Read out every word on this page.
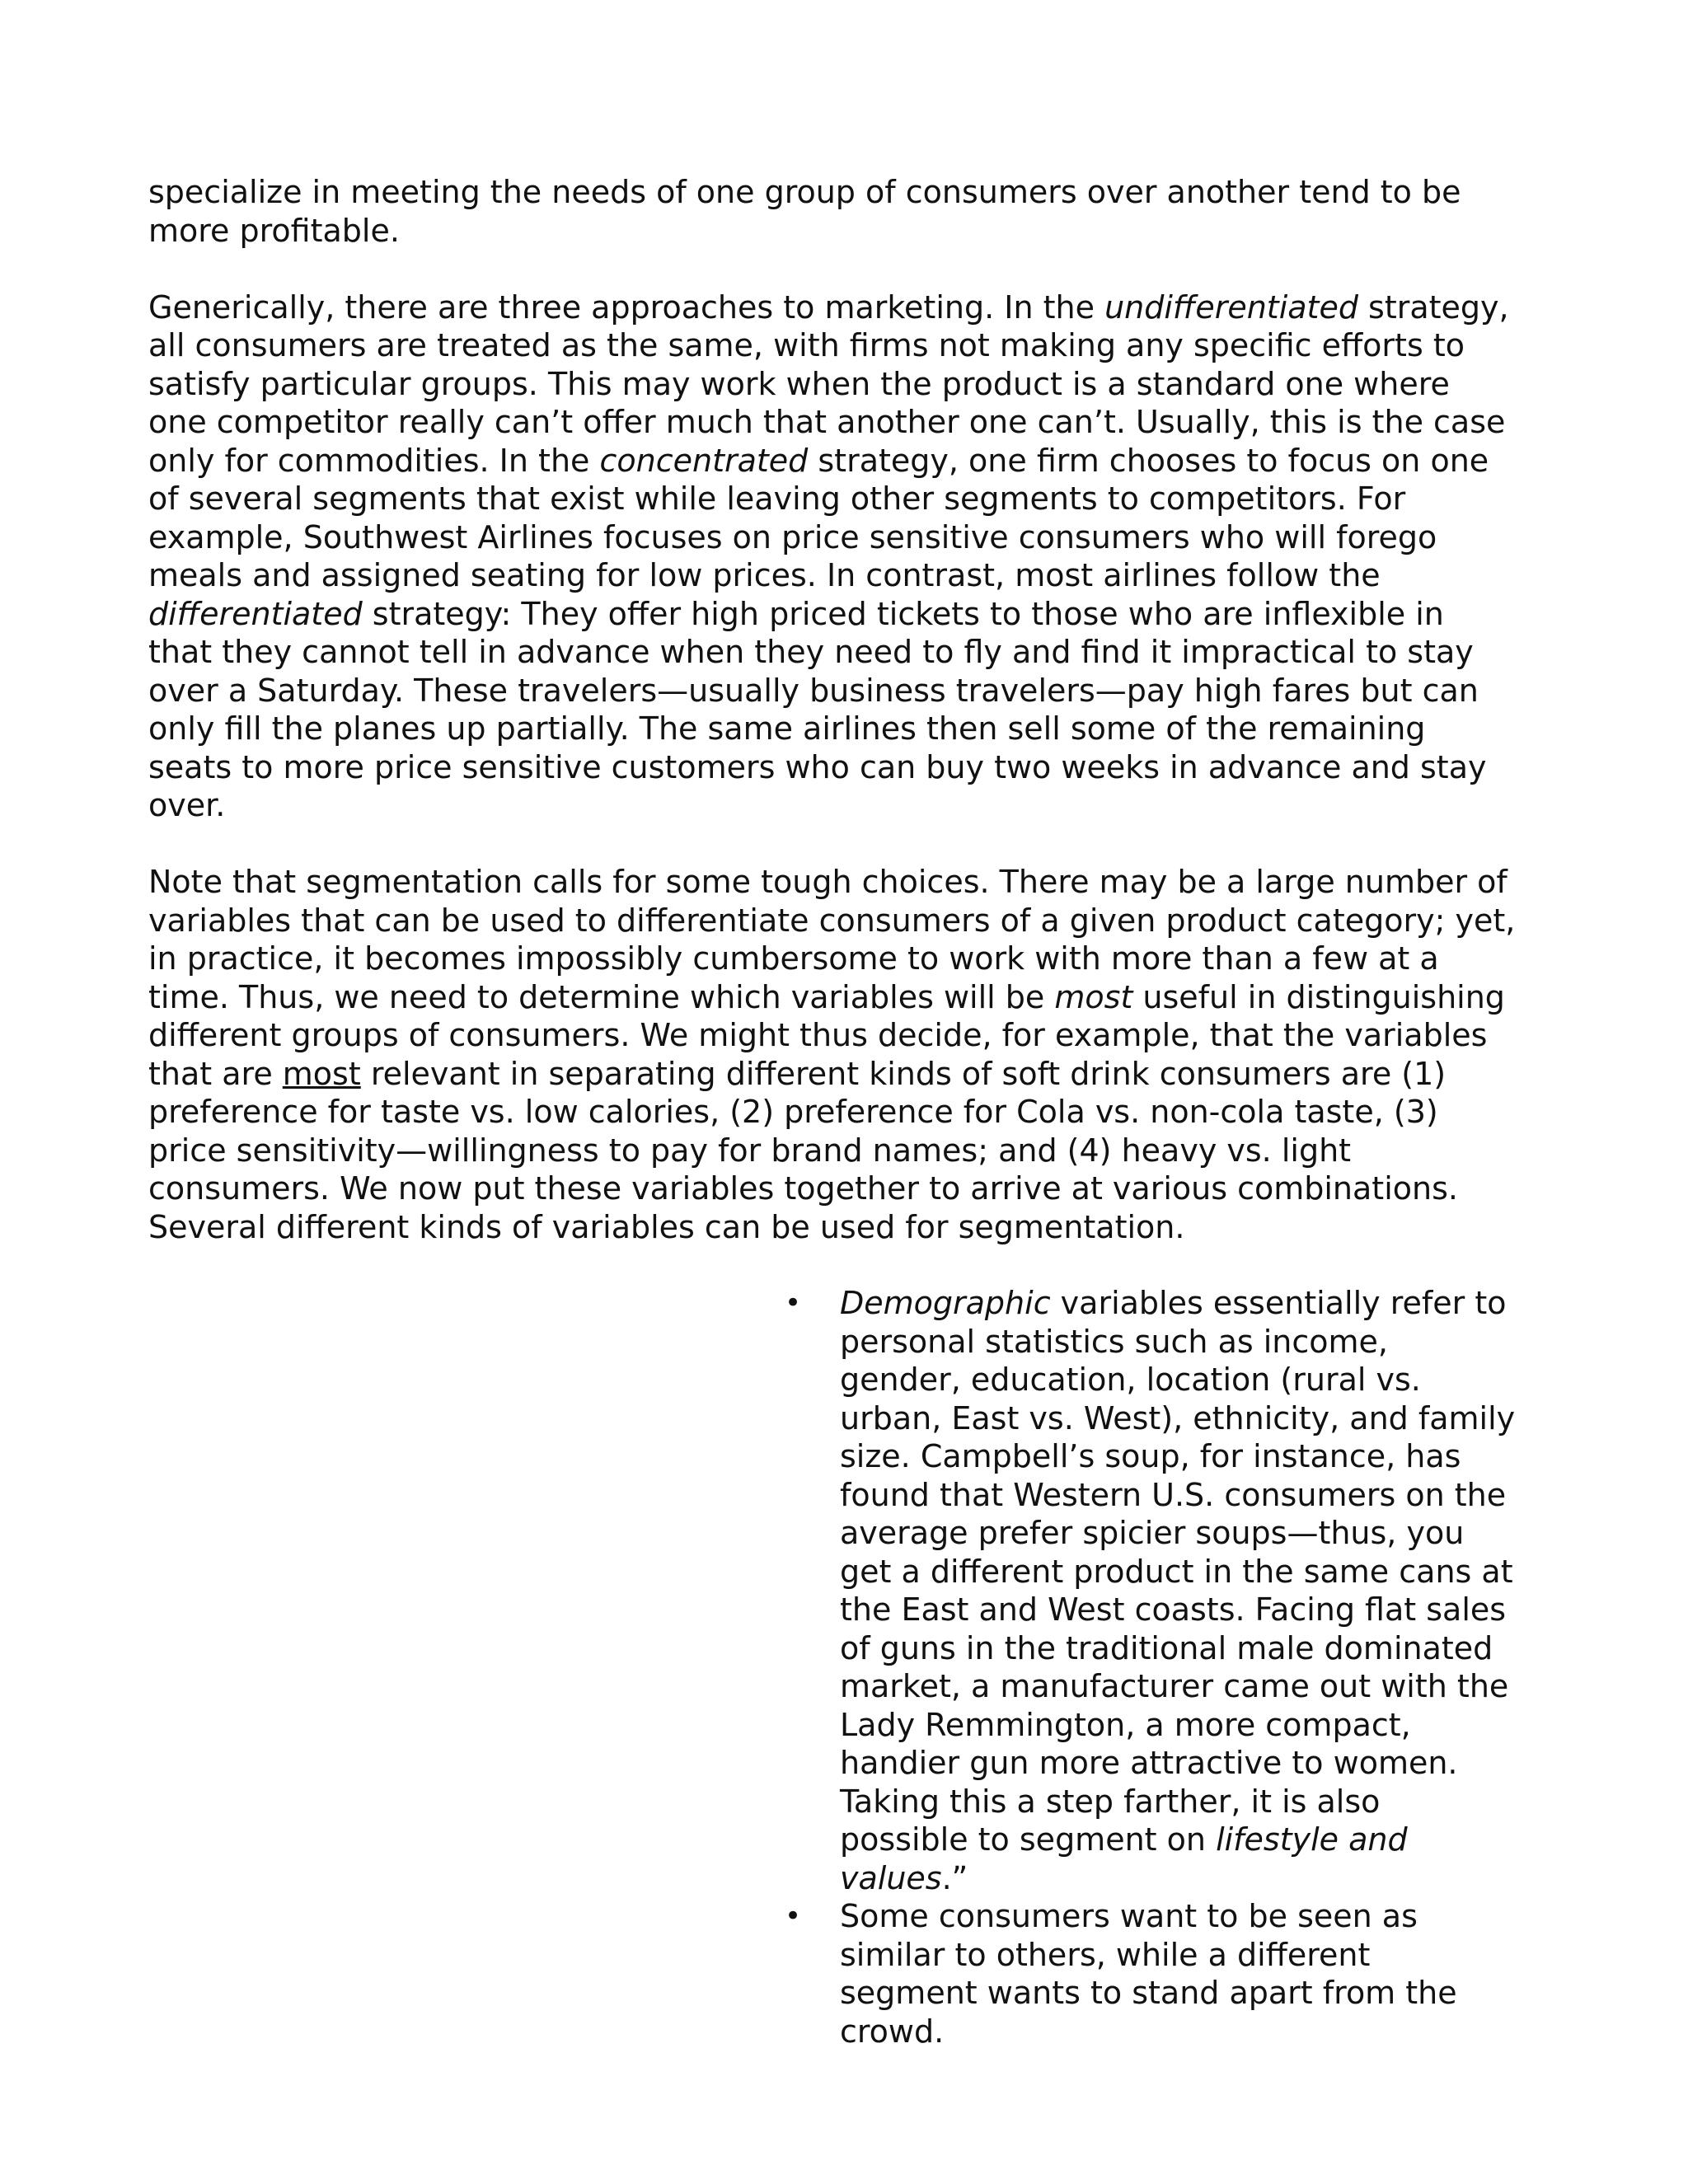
specialize in meeting the needs of one group of consumers over another tend to be more profitable.

Generically, there are three approaches to marketing. In the undifferentiated strategy, all consumers are treated as the same, with firms not making any specific efforts to satisfy particular groups. This may work when the product is a standard one where one competitor really can’t offer much that another one can’t. Usually, this is the case only for commodities. In the concentrated strategy, one firm chooses to focus on one of several segments that exist while leaving other segments to competitors. For example, Southwest Airlines focuses on price sensitive consumers who will forego meals and assigned seating for low prices. In contrast, most airlines follow the differentiated strategy: They offer high priced tickets to those who are inflexible in that they cannot tell in advance when they need to fly and find it impractical to stay over a Saturday. These travelers—usually business travelers—pay high fares but can only fill the planes up partially. The same airlines then sell some of the remaining seats to more price sensitive customers who can buy two weeks in advance and stay over.

Note that segmentation calls for some tough choices. There may be a large number of variables that can be used to differentiate consumers of a given product category; yet, in practice, it becomes impossibly cumbersome to work with more than a few at a time. Thus, we need to determine which variables will be most useful in distinguishing different groups of consumers. We might thus decide, for example, that the variables that are most relevant in separating different kinds of soft drink consumers are (1) preference for taste vs. low calories, (2) preference for Cola vs. non-cola taste, (3) price sensitivity—willingness to pay for brand names; and (4) heavy vs. light consumers. We now put these variables together to arrive at various combinations.

Several different kinds of variables can be used for segmentation.

• Demographic variables essentially refer to personal statistics such as income, gender, education, location (rural vs. urban, East vs. West), ethnicity, and family size. Campbell’s soup, for instance, has found that Western U.S. consumers on the average prefer spicier soups—thus, you get a different product in the same cans at the East and West coasts. Facing flat sales of guns in the traditional male dominated market, a manufacturer came out with the Lady Remmington, a more compact, handier gun more attractive to women. Taking this a step farther, it is also possible to segment on lifestyle and values.”
• Some consumers want to be seen as similar to others, while a different segment wants to stand apart from the crowd.
